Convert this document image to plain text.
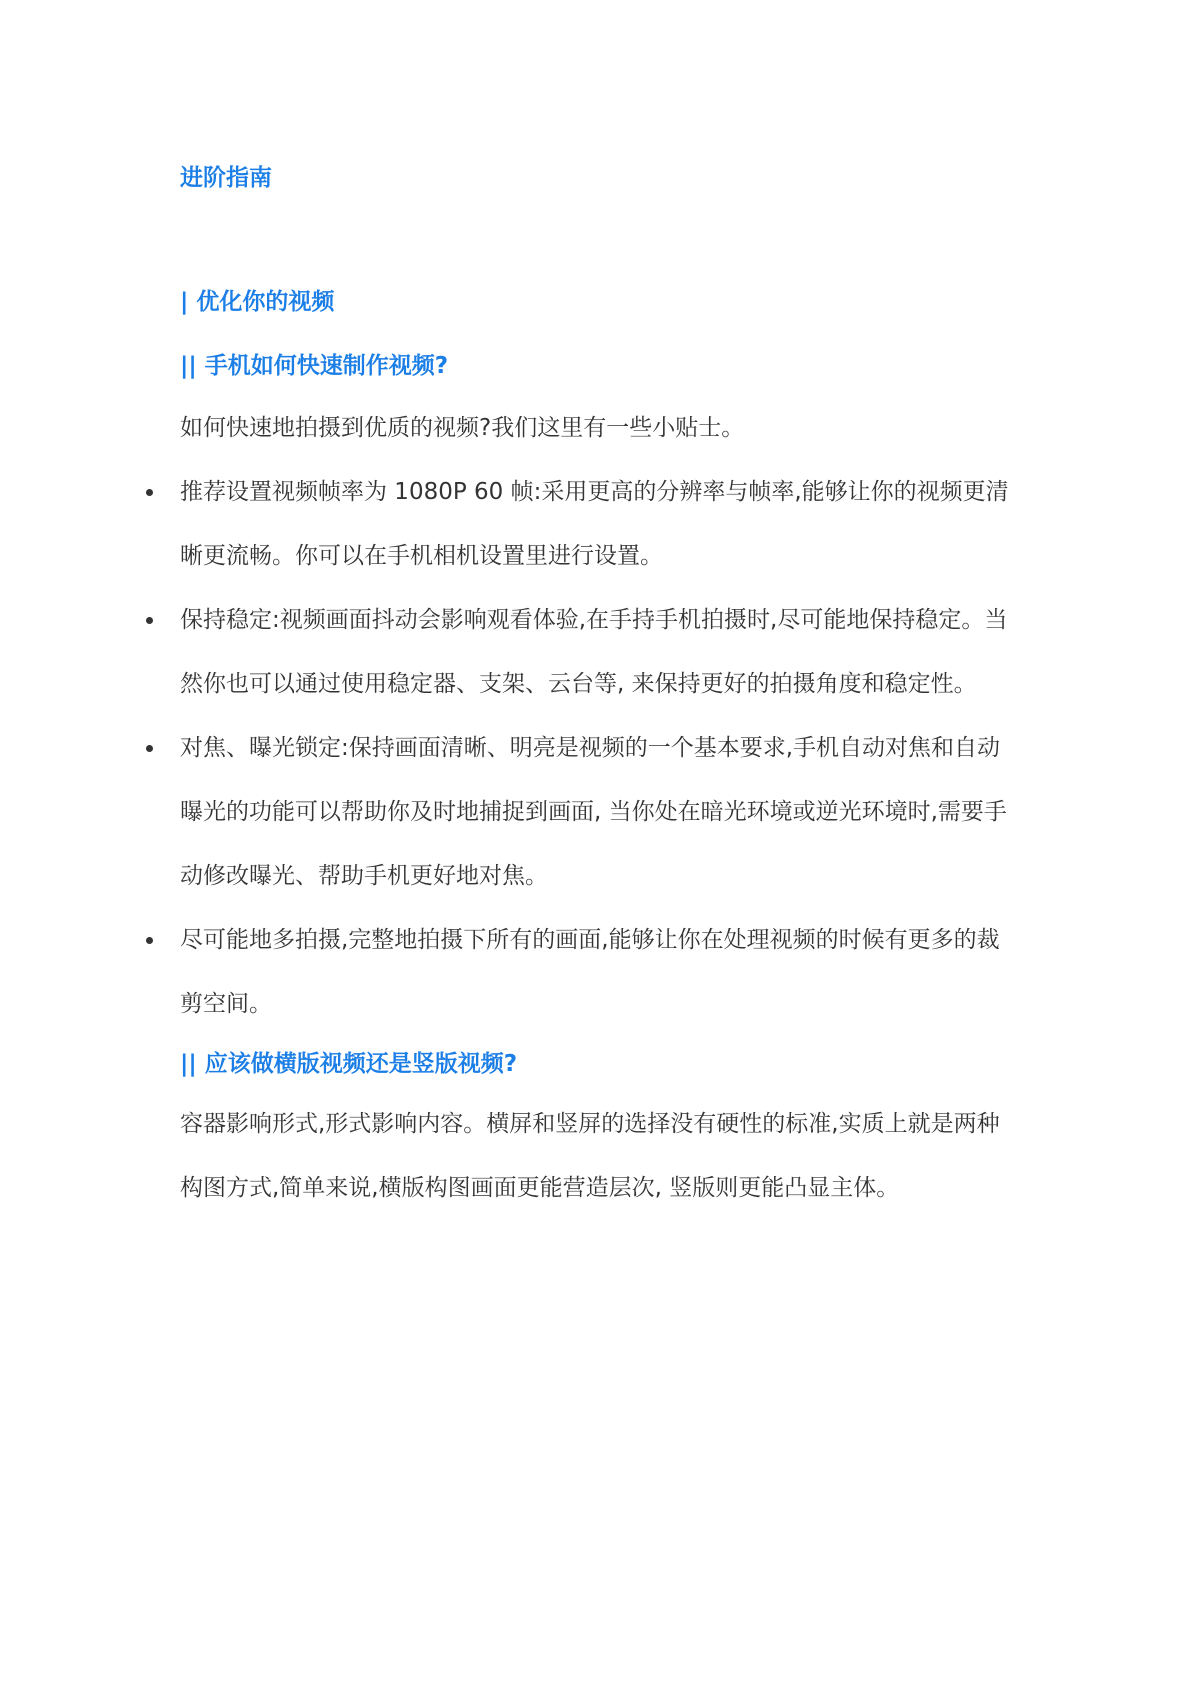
进阶指南
| 优化你的视频
|| 手机如何快速制作视频?
如何快速地拍摄到优质的视频?我们这里有一些小贴士。
推荐设置视频帧率为 1080P 60 帧:采用更高的分辨率与帧率,能够让你的视频更清晰更流畅。你可以在手机相机设置里进行设置。
保持稳定:视频画面抖动会影响观看体验,在手持手机拍摄时,尽可能地保持稳定。当然你也可以通过使用稳定器、支架、云台等, 来保持更好的拍摄角度和稳定性。
对焦、曝光锁定:保持画面清晰、明亮是视频的一个基本要求,手机自动对焦和自动曝光的功能可以帮助你及时地捕捉到画面, 当你处在暗光环境或逆光环境时,需要手动修改曝光、帮助手机更好地对焦。
尽可能地多拍摄,完整地拍摄下所有的画面,能够让你在处理视频的时候有更多的裁剪空间。
|| 应该做横版视频还是竖版视频?
容器影响形式,形式影响内容。横屏和竖屏的选择没有硬性的标准,实质上就是两种构图方式,简单来说,横版构图画面更能营造层次, 竖版则更能凸显主体。
